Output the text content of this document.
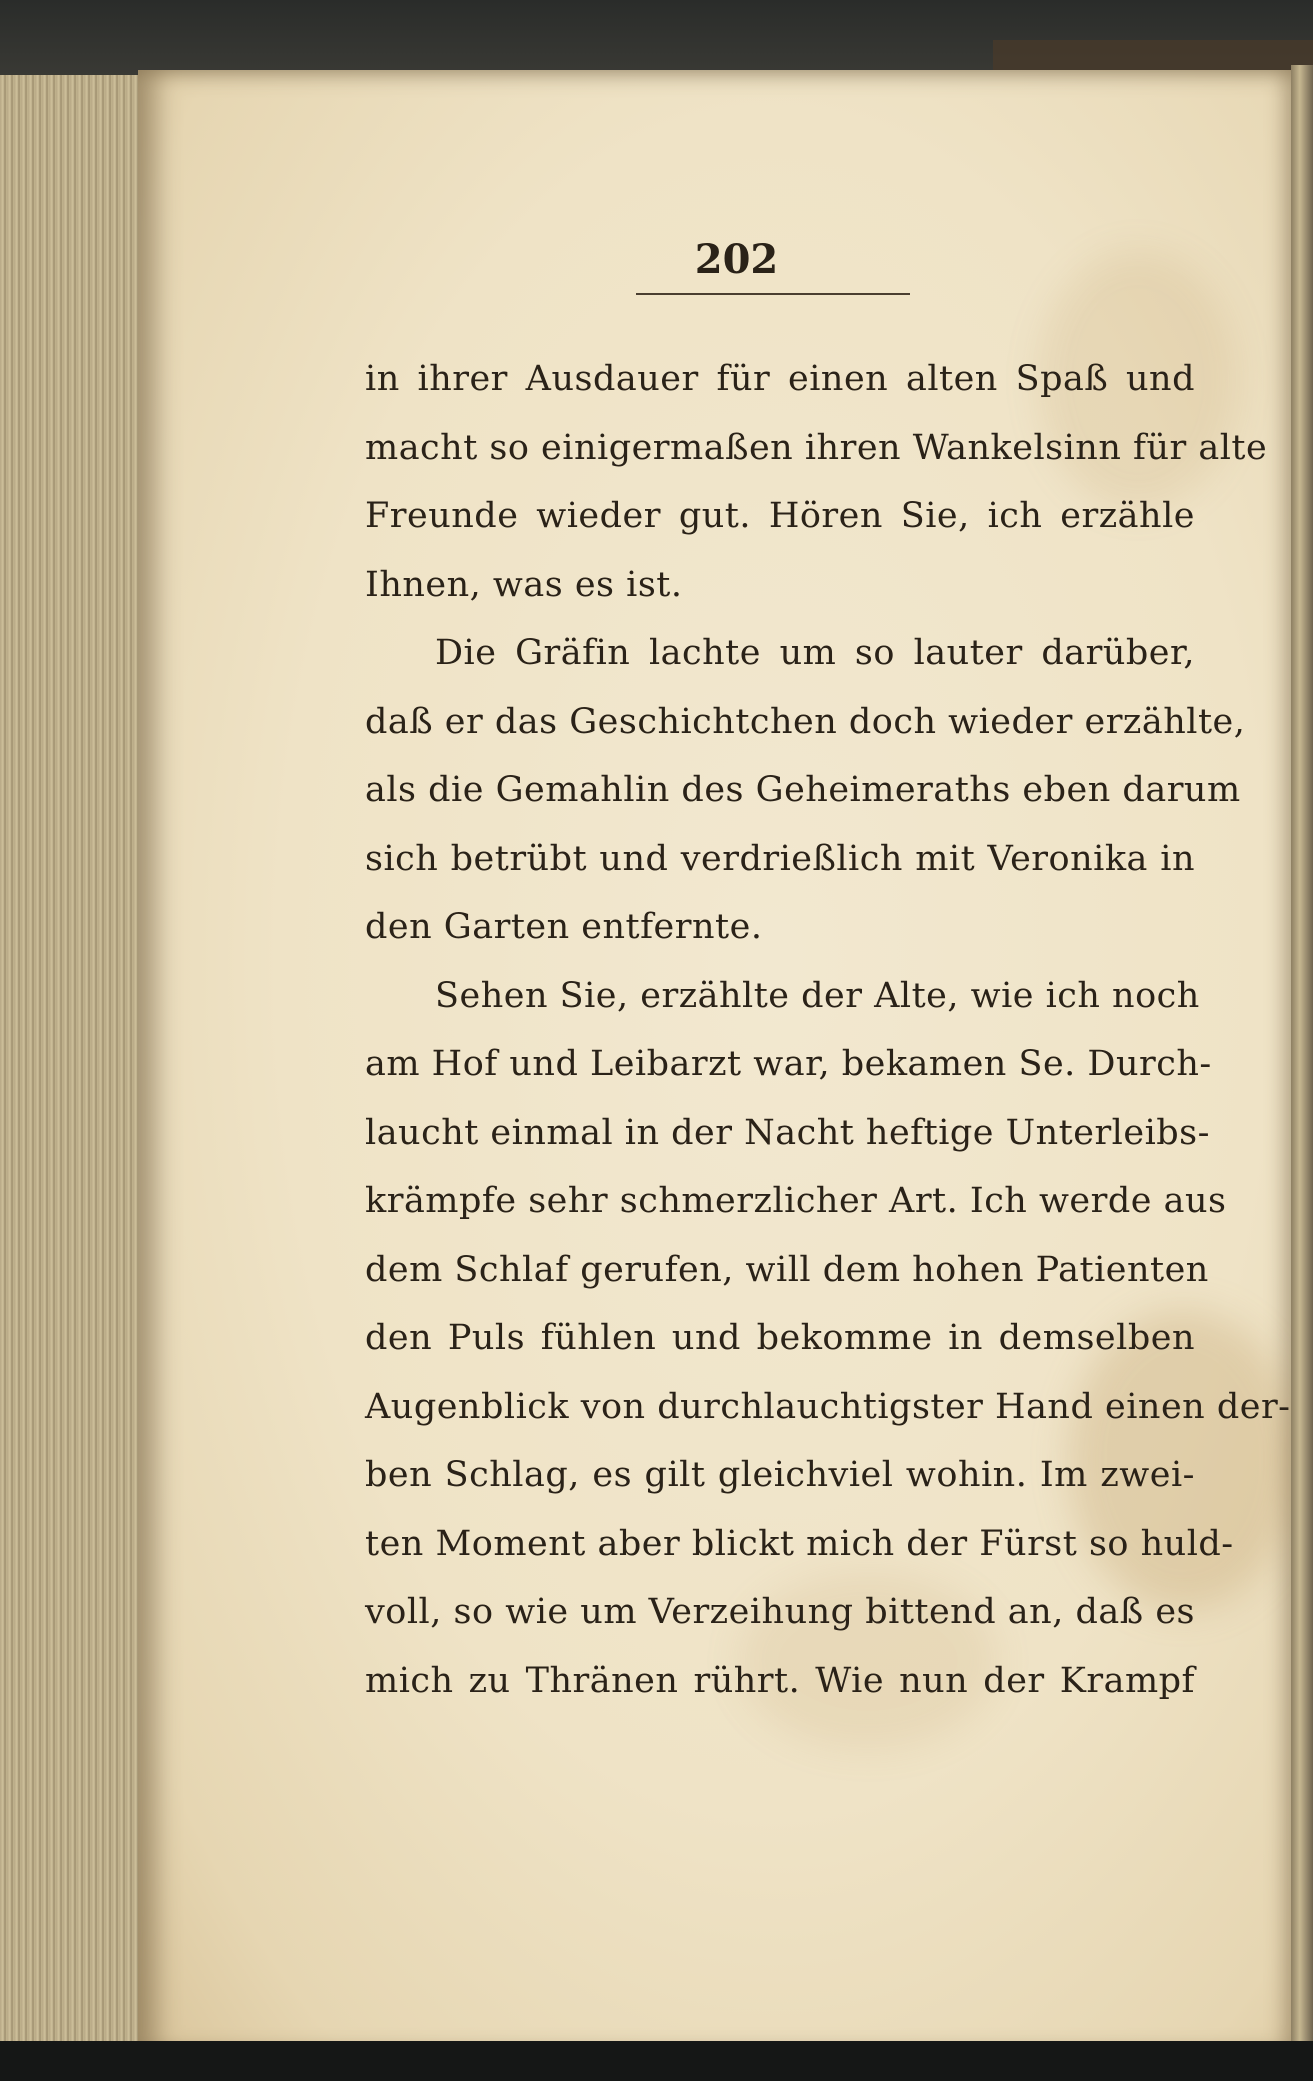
202
in ihrer Ausdauer für einen alten Spaß und
macht so einigermaßen ihren Wankelsinn für alte
Freunde wieder gut. Hören Sie, ich erzähle
Ihnen, was es ist.
Die Gräfin lachte um so lauter darüber,
daß er das Geschichtchen doch wieder erzählte,
als die Gemahlin des Geheimeraths eben darum
sich betrübt und verdrießlich mit Veronika in
den Garten entfernte.
Sehen Sie, erzählte der Alte, wie ich noch
am Hof und Leibarzt war, bekamen Se. Durch-
laucht einmal in der Nacht heftige Unterleibs-
krämpfe sehr schmerzlicher Art. Ich werde aus
dem Schlaf gerufen, will dem hohen Patienten
den Puls fühlen und bekomme in demselben
Augenblick von durchlauchtigster Hand einen der-
ben Schlag, es gilt gleichviel wohin. Im zwei-
ten Moment aber blickt mich der Fürst so huld-
voll, so wie um Verzeihung bittend an, daß es
mich zu Thränen rührt. Wie nun der Krampf
